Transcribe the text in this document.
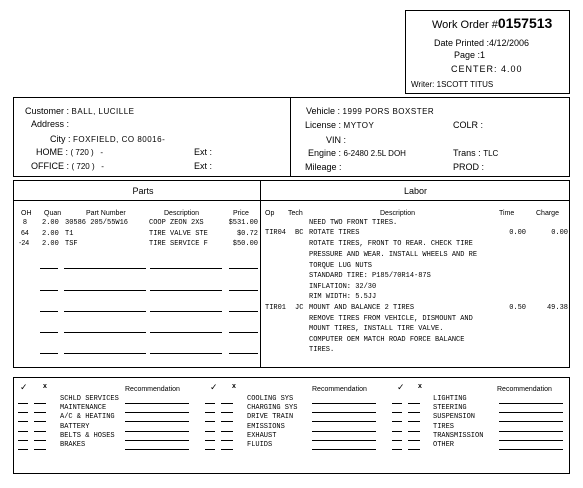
Work Order #0157513
Date Printed :4/12/2006
Page :1
CENTER: 4.00
Writer: 1SCOTT TITUS
Customer : BALL, LUCILLE
Address :
City : FOXFIELD, CO 80016-
HOME : ( 720 )   -	Ext :
OFFICE : ( 720 )   -	Ext :
Vehicle : 1999 PORS BOXSTER
License : MYTOY	COLR :
VIN :
Engine : 6-2480 2.5L DOH	Trans : TLC
Mileage :	PROD :
Parts	Labor
OH Quan	Part Number	Description	Price
8 2.00 30586 205/55W16	COOP ZEON 2XS	$531.00
64 2.00 T1	TIRE VALVE STE	$0.72
-24 2.00 TSF	TIRE SERVICE F	$50.00
Op Tech	Description	Time	Charge
NEED TWO FRONT TIRES.
TIR04 BC ROTATE TIRES	0.00	0.00
ROTATE TIRES, FRONT TO REAR. CHECK TIRE
PRESSURE AND WEAR. INSTALL WHEELS AND RE
TORQUE LUG NUTS
STANDARD TIRE: P185/70R14-87S
INFLATION: 32/30
RIM WIDTH: 5.5JJ
TIR01 JC MOUNT AND BALANCE 2 TIRES	0.50	49.38
REMOVE TIRES FROM VEHICLE, DISMOUNT AND
MOUNT TIRES, INSTALL TIRE VALVE.
COMPUTER OEM MATCH ROAD FORCE BALANCE
TIRES.
✓ x	Recommendation	✓ x	Recommendation	✓ x	Recommendation
SCHLD SERVICES
MAINTENANCE
A/C & HEATING
BATTERY
BELTS & HOSES
BRAKES
COOLING SYS
CHARGING SYS
DRIVE TRAIN
EMISSIONS
EXHAUST
FLUIDS
LIGHTING
STEERING
SUSPENSION
TIRES
TRANSMISSION
OTHER
